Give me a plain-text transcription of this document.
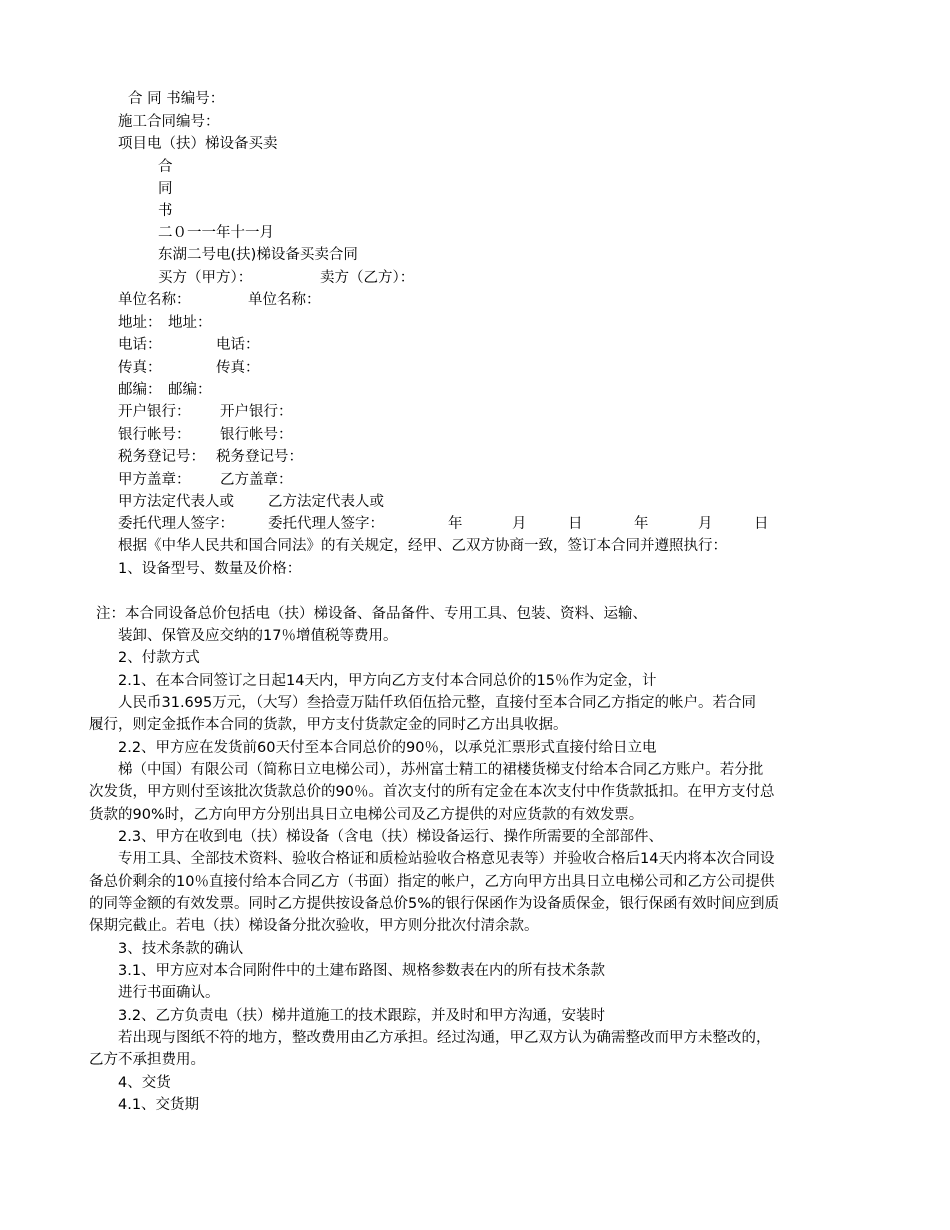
合 同 书编号：
施工合同编号：
项目电（扶）梯设备买卖
合
同
书
二０一一年十一月
东湖二号电(扶)梯设备买卖合同
买方（甲方）：	卖方（乙方）：
单位名称：	单位名称：
地址： 地址：
电话：	电话：
传真：	传真：
邮编： 邮编：
开户银行： 开户银行：
银行帐号： 银行帐号：
税务登记号： 税务登记号：
甲方盖章： 乙方盖章：
甲方法定代表人或 乙方法定代表人或
委托代理人签字： 委托代理人签字：	年	月	日	年	月	日
根据《中华人民共和国合同法》的有关规定，经甲、乙双方协商一致，签订本合同并遵照执行：
1、设备型号、数量及价格：
注：本合同设备总价包括电（扶）梯设备、备品备件、专用工具、包装、资料、运输、
装卸、保管及应交纳的17％增值税等费用。
2、付款方式
2.1、在本合同签订之日起14天内，甲方向乙方支付本合同总价的15％作为定金，计
人民币31.695万元，（大写）叁拾壹万陆仟玖佰伍拾元整，直接付至本合同乙方指定的帐户。若合同
履行，则定金抵作本合同的货款，甲方支付货款定金的同时乙方出具收据。
2.2、甲方应在发货前60天付至本合同总价的90％，以承兑汇票形式直接付给日立电
梯（中国）有限公司（简称日立电梯公司），苏州富士精工的裙楼货梯支付给本合同乙方账户。若分批
次发货，甲方则付至该批次货款总价的90％。首次支付的所有定金在本次支付中作货款抵扣。在甲方支付总
货款的90%时，乙方向甲方分别出具日立电梯公司及乙方提供的对应货款的有效发票。
2.3、甲方在收到电（扶）梯设备（含电（扶）梯设备运行、操作所需要的全部部件、
专用工具、全部技术资料、验收合格证和质检站验收合格意见表等）并验收合格后14天内将本次合同设
备总价剩余的10％直接付给本合同乙方（书面）指定的帐户，乙方向甲方出具日立电梯公司和乙方公司提供
的同等金额的有效发票。同时乙方提供按设备总价5%的银行保函作为设备质保金，银行保函有效时间应到质
保期完截止。若电（扶）梯设备分批次验收，甲方则分批次付清余款。
3、技术条款的确认
3.1、甲方应对本合同附件中的土建布路图、规格参数表在内的所有技术条款
进行书面确认。
3.2、乙方负责电（扶）梯井道施工的技术跟踪，并及时和甲方沟通，安装时
若出现与图纸不符的地方，整改费用由乙方承担。经过沟通，甲乙双方认为确需整改而甲方未整改的，
乙方不承担费用。
4、交货
4.1、交货期
